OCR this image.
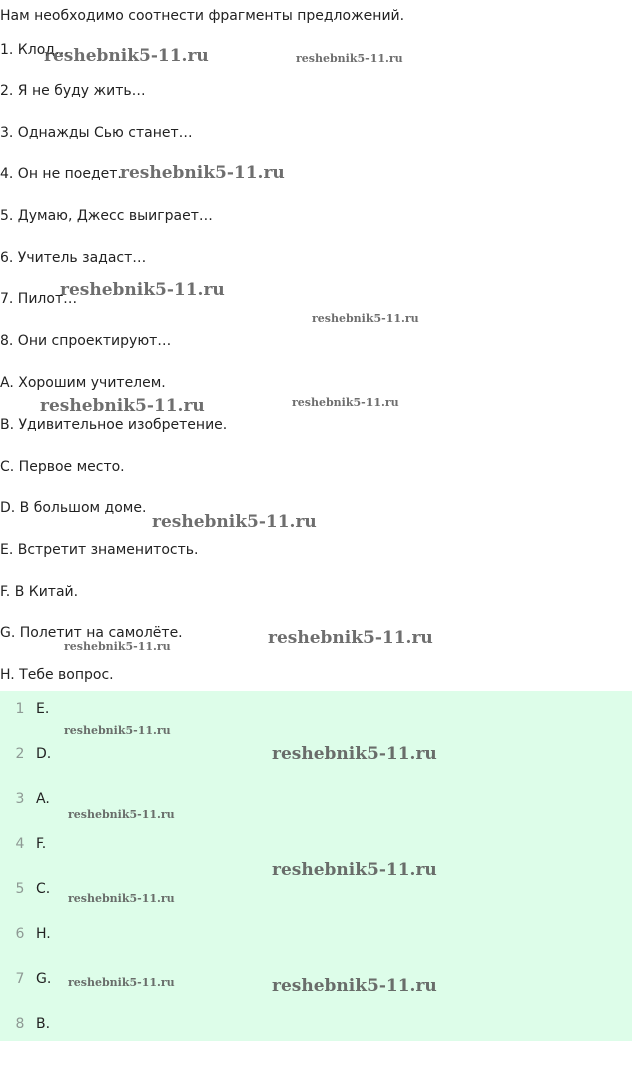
Нам необходимо соотнести фрагменты предложений.
1. Клод…
2. Я не буду жить…
3. Однажды Сью станет…
4. Он не поедет.
5. Думаю, Джесс выиграет…
6. Учитель задаст…
7. Пилот…
8. Они спроектируют…
A. Хорошим учителем.
B. Удивительное изобретение.
C. Первое место.
D. В большом доме.
E. Встретит знаменитость.
F. В Китай.
G. Полетит на самолёте.
H. Тебе вопрос.
1 E.
2 D.
3 A.
4 F.
5 C.
6 H.
7 G.
8 B.
reshebnik5-11.ru	reshebnik5-11.ru
reshebnik5-11.ru
reshebnik5-11.ru
reshebnik5-11.ru
reshebnik5-11.ru	reshebnik5-11.ru
reshebnik5-11.ru
reshebnik5-11.ru
reshebnik5-11.ru
reshebnik5-11.ru
reshebnik5-11.ru
reshebnik5-11.ru
reshebnik5-11.ru
reshebnik5-11.ru
reshebnik5-11.ru	reshebnik5-11.ru
